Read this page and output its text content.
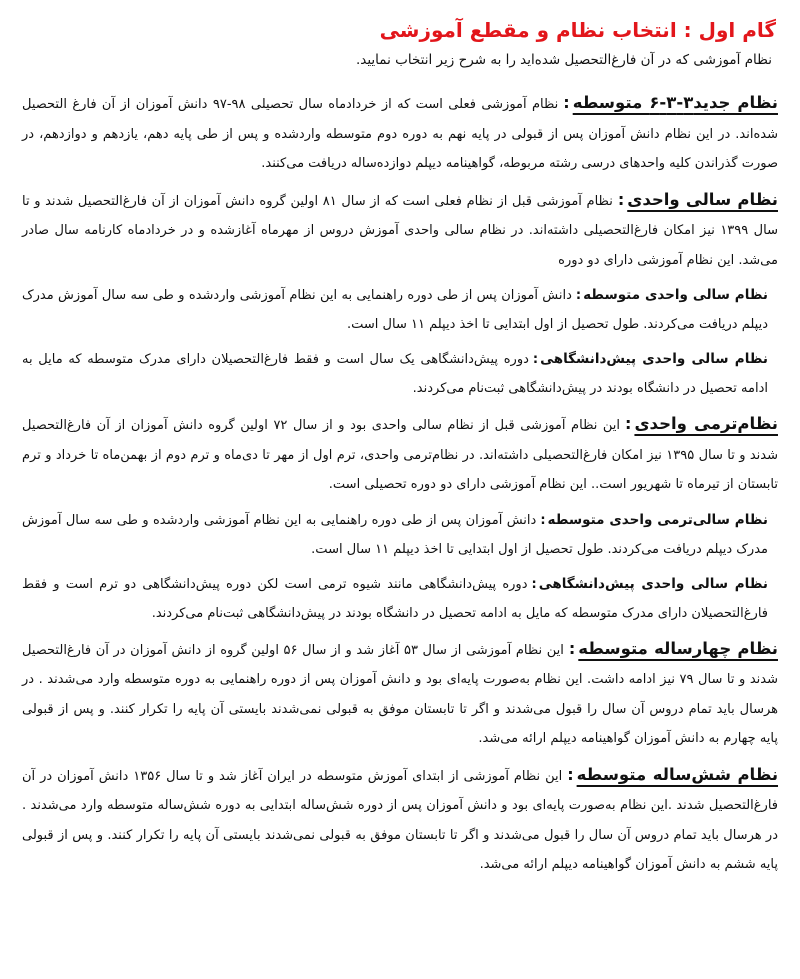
گام اول : انتخاب نظام و مقطع آموزشی
نظام آموزشی که در آن فارغ‌التحصیل شده‌اید را به شرح زیر انتخاب نمایید.
نظام جدید۳-۳-۶ متوسطه:نظام آموزشی فعلی است که از خردادماه سال تحصیلی ۹۸-۹۷ دانش آموزان از آن فارغ التحصیل شده‌اند. در این نظام دانش آموزان پس از قبولی در پایه نهم به دوره دوم متوسطه واردشده و پس از طی پایه دهم، یازدهم و دوازدهم، در صورت گذراندن کلیه واحدهای درسی رشته مربوطه، گواهینامه دیپلم دوازده‌ساله دریافت می‌کنند.
نظام سالی واحدی:نظام آموزشی قبل از نظام فعلی است که از سال ۸۱ اولین گروه دانش آموزان از آن فارغ‌التحصیل شدند و تا سال ۱۳۹۹ نیز امکان فارغ‌التحصیلی داشته‌اند. در نظام سالی واحدی آموزش دروس از مهرماه آغازشده و در خردادماه کارنامه سال صادر می‌شد. این نظام آموزشی دارای دو دوره
نظام سالی واحدی متوسطه:دانش آموزان پس از طی دوره راهنمایی به این نظام آموزشی واردشده و طی سه سال آموزش مدرک دیپلم دریافت می‌کردند. طول تحصیل از اول ابتدایی تا اخذ دیپلم ۱۱ سال است.
نظام سالی واحدی پیش‌دانشگاهی:دوره پیش‌دانشگاهی یک سال است و فقط فارغ‌التحصیلان دارای مدرک متوسطه که مایل به ادامه تحصیل در دانشگاه بودند در پیش‌دانشگاهی ثبت‌نام می‌کردند.
نظام‌ترمی واحدی:این نظام آموزشی قبل از نظام سالی واحدی بود و از سال ۷۲ اولین گروه دانش آموزان از آن فارغ‌التحصیل شدند و تا سال ۱۳۹۵ نیز امکان فارغ‌التحصیلی داشته‌اند. در نظام‌ترمی واحدی، ترم اول از مهر تا دی‌ماه و ترم دوم از بهمن‌ماه تا خرداد و ترم تابستان از تیرماه تا شهریور است.. این نظام آموزشی دارای دو دوره تحصیلی است.
نظام سالی‌ترمی واحدی متوسطه:دانش آموزان پس از طی دوره راهنمایی به این نظام آموزشی واردشده و طی سه سال آموزش مدرک دیپلم دریافت می‌کردند. طول تحصیل از اول ابتدایی تا اخذ دیپلم ۱۱ سال است.
نظام سالی واحدی پیش‌دانشگاهی:دوره پیش‌دانشگاهی مانند شیوه ترمی است لکن دوره پیش‌دانشگاهی دو ترم است و فقط فارغ‌التحصیلان دارای مدرک متوسطه که مایل به ادامه تحصیل در دانشگاه بودند در پیش‌دانشگاهی ثبت‌نام می‌کردند.
نظام چهارساله متوسطه:این نظام آموزشی از سال ۵۳ آغاز شد و از سال ۵۶ اولین گروه از دانش آموزان در آن فارغ‌التحصیل شدند و تا سال ۷۹ نیز ادامه داشت. این نظام به‌صورت پایه‌ای بود و دانش آموزان پس از دوره راهنمایی به دوره متوسطه وارد می‌شدند . در هرسال باید تمام دروس آن سال را قبول می‌شدند و اگر تا تابستان موفق به قبولی نمی‌شدند بایستی آن پایه را تکرار کنند. و پس از قبولی پایه چهارم به دانش آموزان گواهینامه دیپلم ارائه می‌شد.
نظام شش‌ساله متوسطه:این نظام آموزشی از ابتدای آموزش متوسطه در ایران آغاز شد و تا سال ۱۳۵۶ دانش آموزان در آن فارغ‌التحصیل شدند .این نظام به‌صورت پایه‌ای بود و دانش آموزان پس از دوره شش‌ساله ابتدایی به دوره شش‌ساله متوسطه وارد می‌شدند . در هرسال باید تمام دروس آن سال را قبول می‌شدند و اگر تا تابستان موفق به قبولی نمی‌شدند بایستی آن پایه را تکرار کنند. و پس از قبولی پایه ششم به دانش آموزان گواهینامه دیپلم ارائه می‌شد.
